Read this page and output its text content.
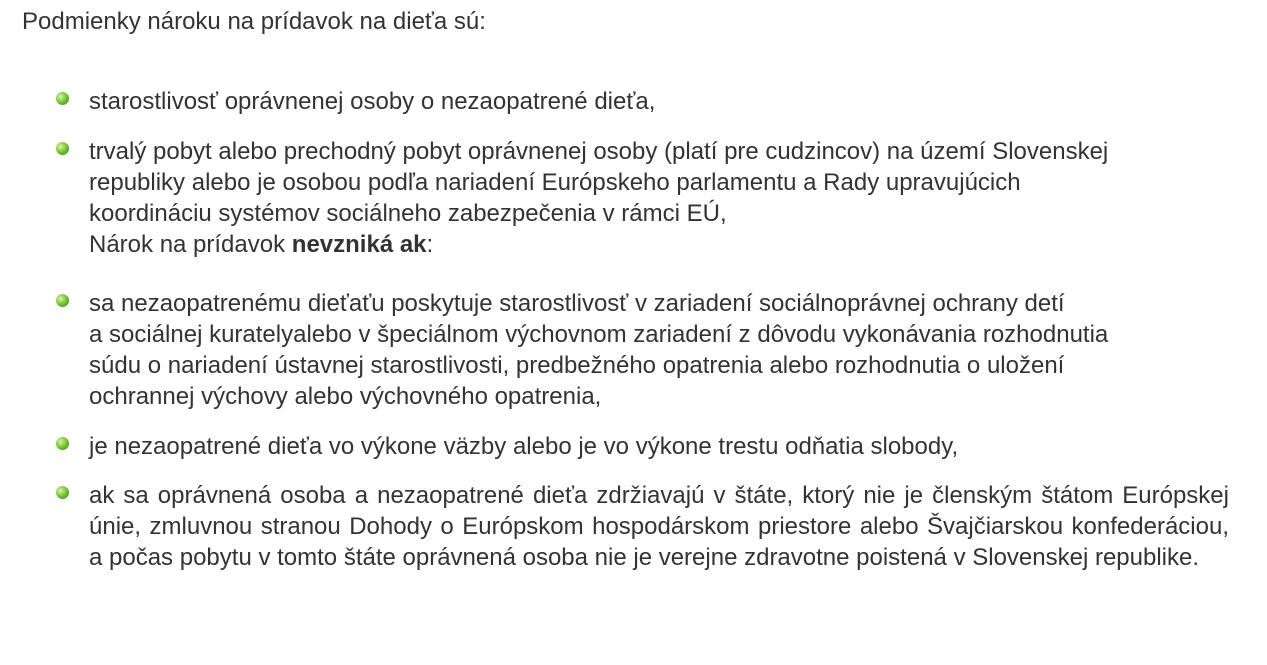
Podmienky nároku na prídavok na dieťa sú:

starostlivosť oprávnenej osoby o nezaopatrené dieťa,
trvalý pobyt alebo prechodný pobyt oprávnenej osoby (platí pre cudzincov) na území Slovenskej
republiky alebo je osobou podľa nariadení Európskeho parlamentu a Rady upravujúcich
koordináciu systémov sociálneho zabezpečenia v rámci EÚ,
Nárok na prídavok nevzniká ak:
sa nezaopatrenému dieťaťu poskytuje starostlivosť v zariadení sociálnoprávnej ochrany detí
a sociálnej kuratelyalebo v špeciálnom výchovnom zariadení z dôvodu vykonávania rozhodnutia
súdu o nariadení ústavnej starostlivosti, predbežného opatrenia alebo rozhodnutia o uložení
ochrannej výchovy alebo výchovného opatrenia,
je nezaopatrené dieťa vo výkone väzby alebo je vo výkone trestu odňatia slobody,
ak sa oprávnená osoba a nezaopatrené dieťa zdržiavajú v štáte, ktorý nie je členským štátom Európskej únie, zmluvnou stranou Dohody o Európskom hospodárskom priestore alebo Švajčiarskou konfederáciou, a počas pobytu v tomto štáte oprávnená osoba nie je verejne zdravotne poistená v Slovenskej republike.
